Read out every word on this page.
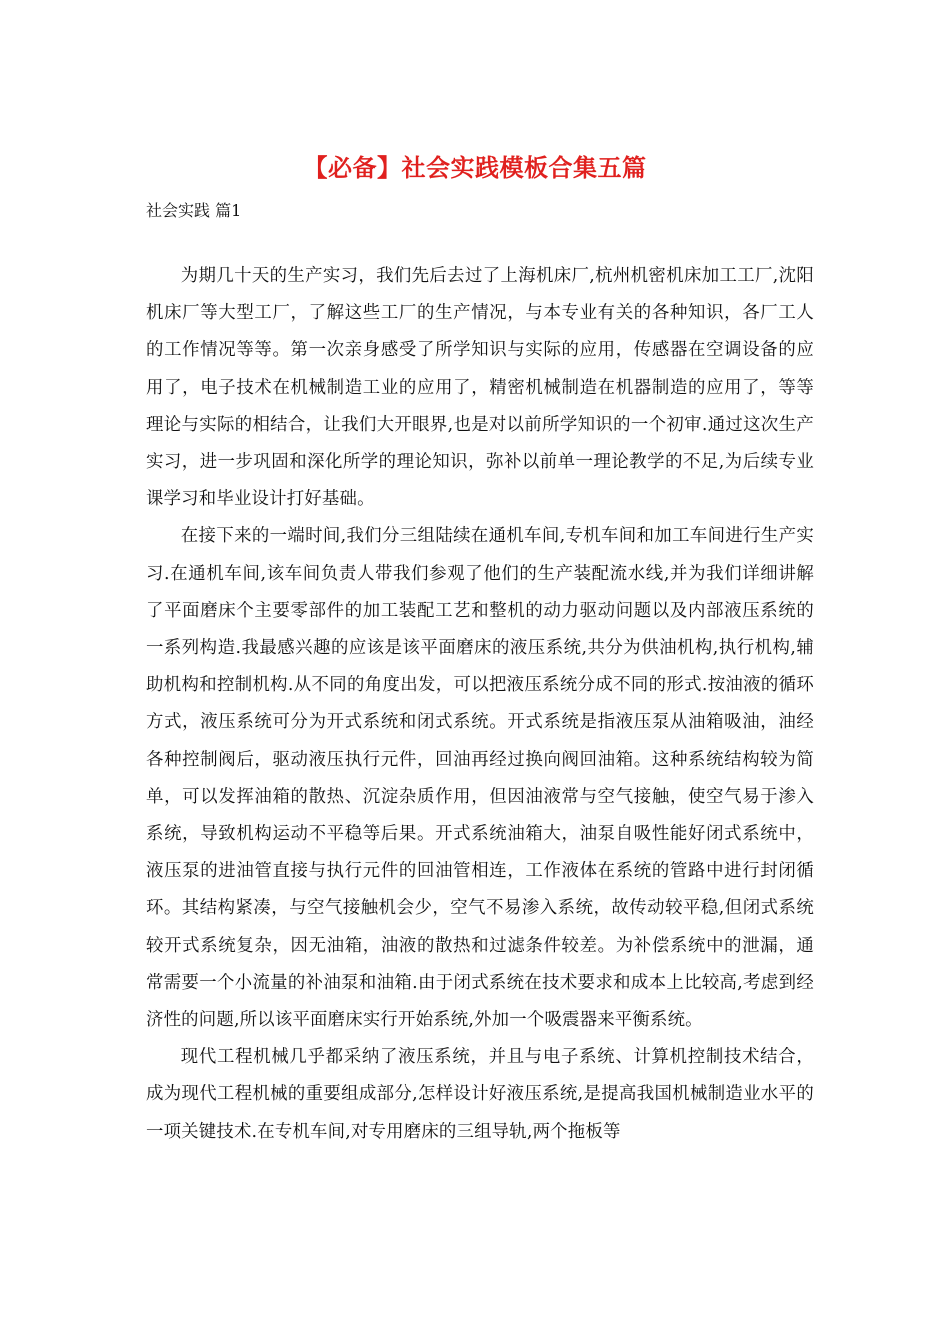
【必备】社会实践模板合集五篇
社会实践 篇1

为期几十天的生产实习，我们先后去过了上海机床厂,杭州机密机床加工工厂,沈阳机床厂等大型工厂，了解这些工厂的生产情况，与本专业有关的各种知识，各厂工人的工作情况等等。第一次亲身感受了所学知识与实际的应用，传感器在空调设备的应用了，电子技术在机械制造工业的应用了，精密机械制造在机器制造的应用了，等等理论与实际的相结合，让我们大开眼界,也是对以前所学知识的一个初审.通过这次生产实习，进一步巩固和深化所学的理论知识，弥补以前单一理论教学的不足,为后续专业课学习和毕业设计打好基础。

在接下来的一端时间,我们分三组陆续在通机车间,专机车间和加工车间进行生产实习.在通机车间,该车间负责人带我们参观了他们的生产装配流水线,并为我们详细讲解了平面磨床个主要零部件的加工装配工艺和整机的动力驱动问题以及内部液压系统的一系列构造.我最感兴趣的应该是该平面磨床的液压系统,共分为供油机构,执行机构,辅助机构和控制机构.从不同的角度出发，可以把液压系统分成不同的形式.按油液的循环方式，液压系统可分为开式系统和闭式系统。开式系统是指液压泵从油箱吸油，油经各种控制阀后，驱动液压执行元件，回油再经过换向阀回油箱。这种系统结构较为简单，可以发挥油箱的散热、沉淀杂质作用，但因油液常与空气接触，使空气易于渗入系统，导致机构运动不平稳等后果。开式系统油箱大，油泵自吸性能好闭式系统中，液压泵的进油管直接与执行元件的回油管相连，工作液体在系统的管路中进行封闭循环。其结构紧凑，与空气接触机会少，空气不易渗入系统，故传动较平稳,但闭式系统较开式系统复杂，因无油箱，油液的散热和过滤条件较差。为补偿系统中的泄漏，通常需要一个小流量的补油泵和油箱.由于闭式系统在技术要求和成本上比较高,考虑到经济性的问题,所以该平面磨床实行开始系统,外加一个吸震器来平衡系统。

现代工程机械几乎都采纳了液压系统，并且与电子系统、计算机控制技术结合，成为现代工程机械的重要组成部分,怎样设计好液压系统,是提高我国机械制造业水平的一项关键技术.在专机车间,对专用磨床的三组导轨,两个拖板等
